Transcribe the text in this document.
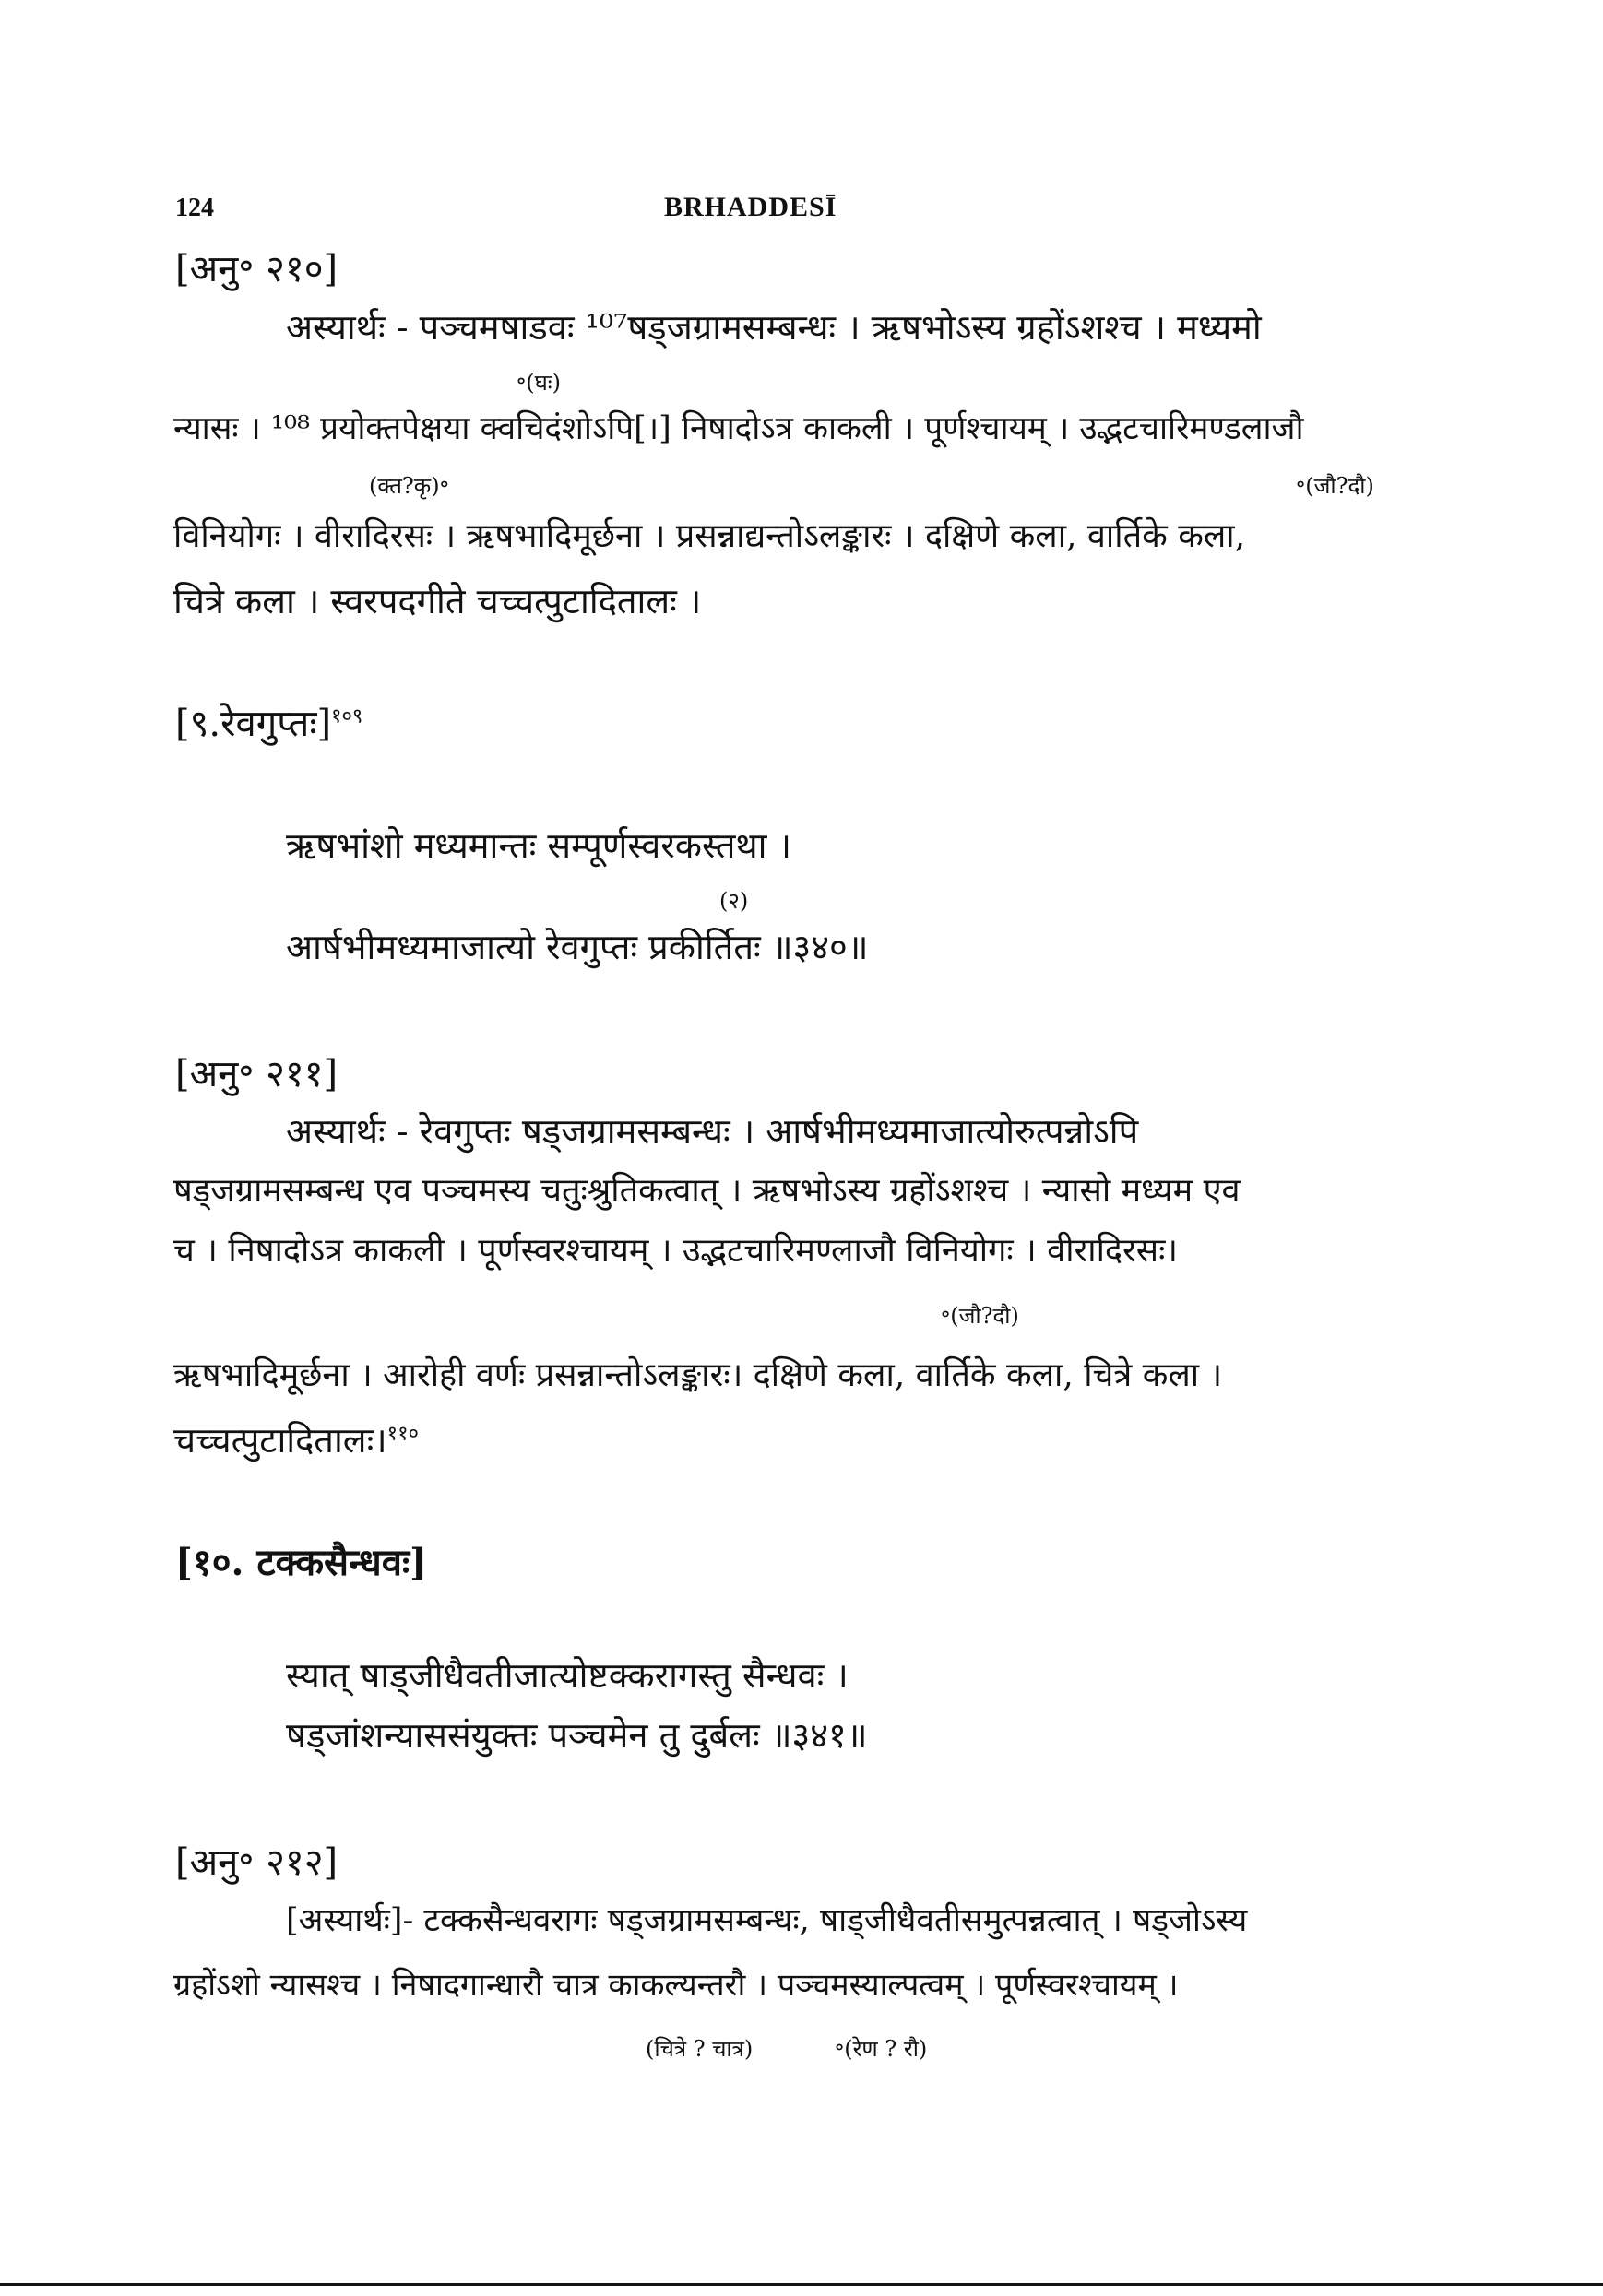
124	BRHADDESĪ
[अनु॰ २१०]
अस्यार्थः - पञ्चमषाडवः ¹⁰⁷षड्जग्रामसम्बन्धः । ऋषभोऽस्य ग्रहोंऽशश्च । मध्यमो
॰(घः)
न्यासः । ¹⁰⁸ प्रयोक्तपेक्षया क्वचिदंशोऽपि[।] निषादोऽत्र काकली । पूर्णश्चायम् । उद्भटचारिमण्डलाजौ
(क्त?कृ)॰	॰(जौ?दौ)
विनियोगः । वीरादिरसः । ऋषभादिमूर्छना । प्रसन्नाद्यन्तोऽलङ्कारः । दक्षिणे कला, वार्तिके कला,
चित्रे कला । स्वरपदगीते चच्चत्पुटादितालः ।
[९.रेवगुप्तः]$^{१०९}$
ऋषभांशो मध्यमान्तः सम्पूर्णस्वरकस्तथा ।
(२)
आर्षभीमध्यमाजात्यो रेवगुप्तः प्रकीर्तितः ॥३४०॥
[अनु॰ २११]
अस्यार्थः - रेवगुप्तः षड्जग्रामसम्बन्धः । आर्षभीमध्यमाजात्योरुत्पन्नोऽपि
षड्जग्रामसम्बन्ध एव पञ्चमस्य चतुःश्रुतिकत्वात् । ऋषभोऽस्य ग्रहोंऽशश्च । न्यासो मध्यम एव
च । निषादोऽत्र काकली । पूर्णस्वरश्चायम् । उद्भटचारिमण्लाजौ विनियोगः । वीरादिरसः।
॰(जौ?दौ)
ऋषभादिमूर्छना । आरोही वर्णः प्रसन्नान्तोऽलङ्कारः। दक्षिणे कला, वार्तिके कला, चित्रे कला ।
चच्चत्पुटादितालः।$^{११०}$
[१०. टक्कसैन्धवः]
स्यात् षाड्जीधैवतीजात्योष्टक्करागस्तु सैन्धवः ।
षड्जांशन्याससंयुक्तः पञ्चमेन तु दुर्बलः ॥३४१॥
[अनु॰ २१२]
[अस्यार्थः]- टक्कसैन्धवरागः षड्जग्रामसम्बन्धः, षाड्जीधैवतीसमुत्पन्नत्वात् । षड्जोऽस्य
ग्रहोंऽशो न्यासश्च । निषादगान्धारौ चात्र काकल्यन्तरौ । पञ्चमस्याल्पत्वम् । पूर्णस्वरश्चायम् ।
(चित्रे ? चात्र)	॰(रेण ? रौ)
